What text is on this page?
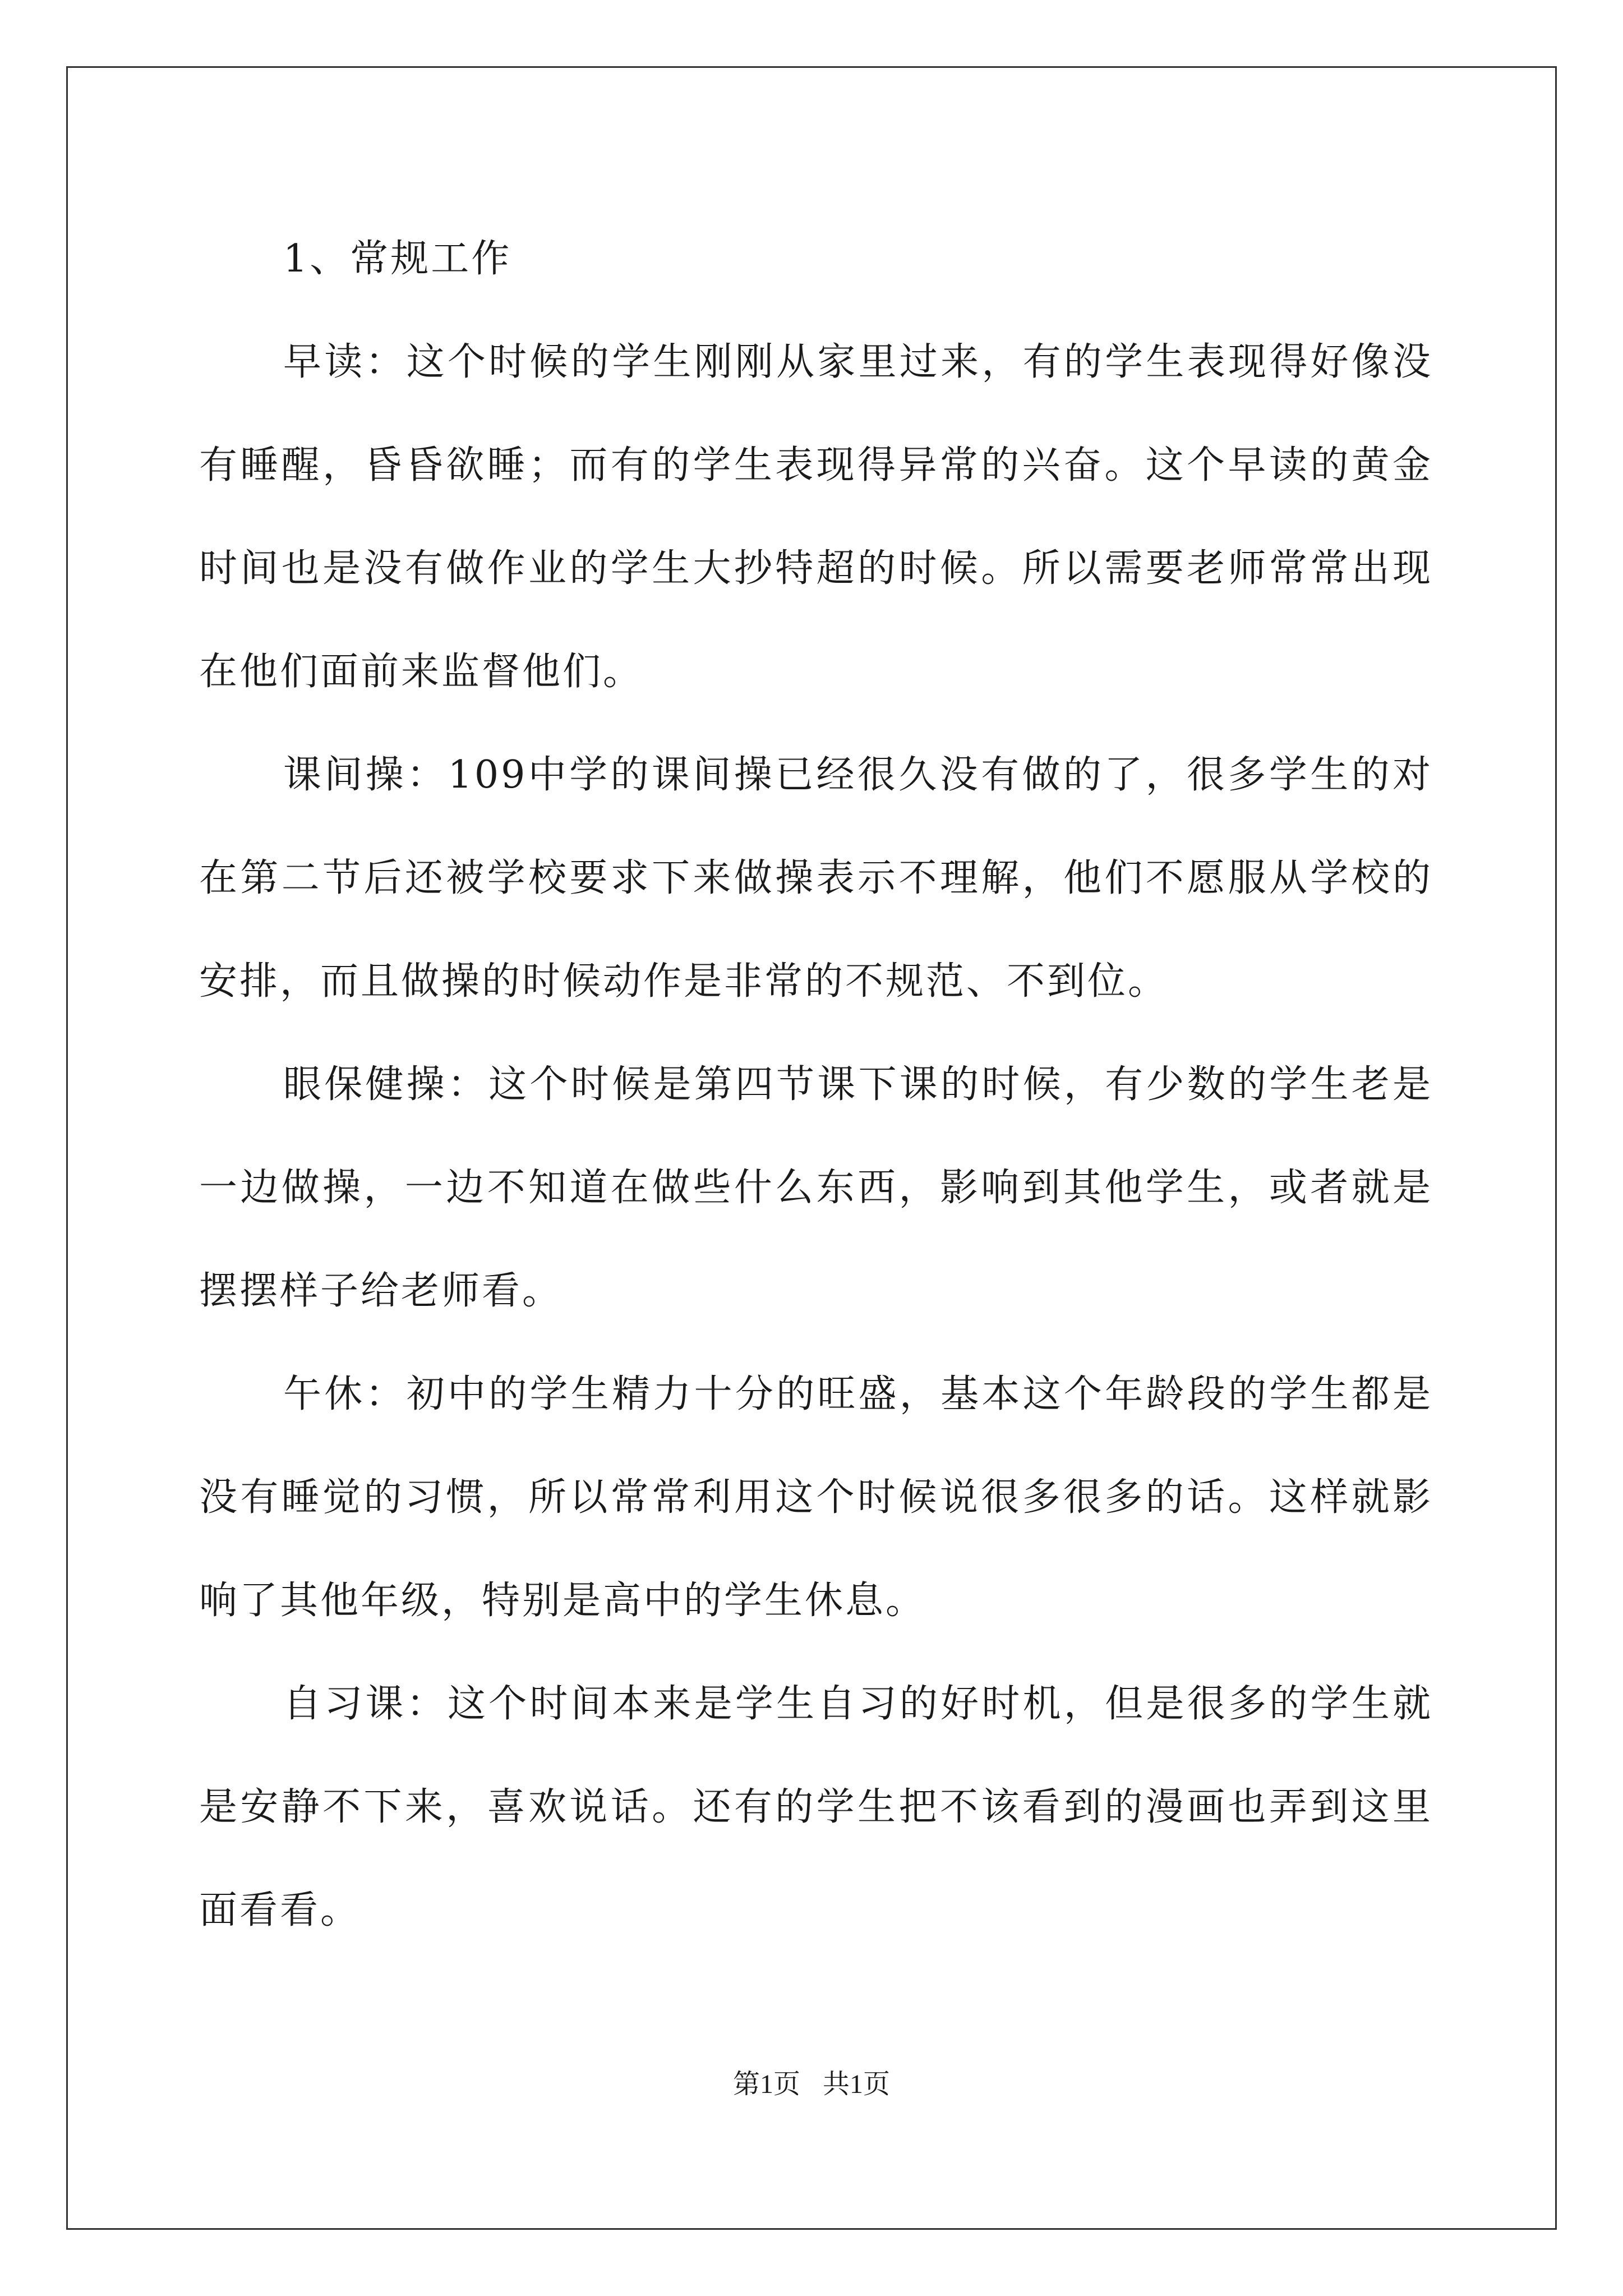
1、常规工作

早读：这个时候的学生刚刚从家里过来，有的学生表现得好像没有睡醒，昏昏欲睡；而有的学生表现得异常的兴奋。这个早读的黄金时间也是没有做作业的学生大抄特超的时候。所以需要老师常常出现在他们面前来监督他们。

课间操：109中学的课间操已经很久没有做的了，很多学生的对在第二节后还被学校要求下来做操表示不理解，他们不愿服从学校的安排，而且做操的时候动作是非常的不规范、不到位。

眼保健操：这个时候是第四节课下课的时候，有少数的学生老是一边做操，一边不知道在做些什么东西，影响到其他学生，或者就是摆摆样子给老师看。

午休：初中的学生精力十分的旺盛，基本这个年龄段的学生都是没有睡觉的习惯，所以常常利用这个时候说很多很多的话。这样就影响了其他年级，特别是高中的学生休息。

自习课：这个时间本来是学生自习的好时机，但是很多的学生就是安静不下来，喜欢说话。还有的学生把不该看到的漫画也弄到这里面看看。

第1页 共1页
